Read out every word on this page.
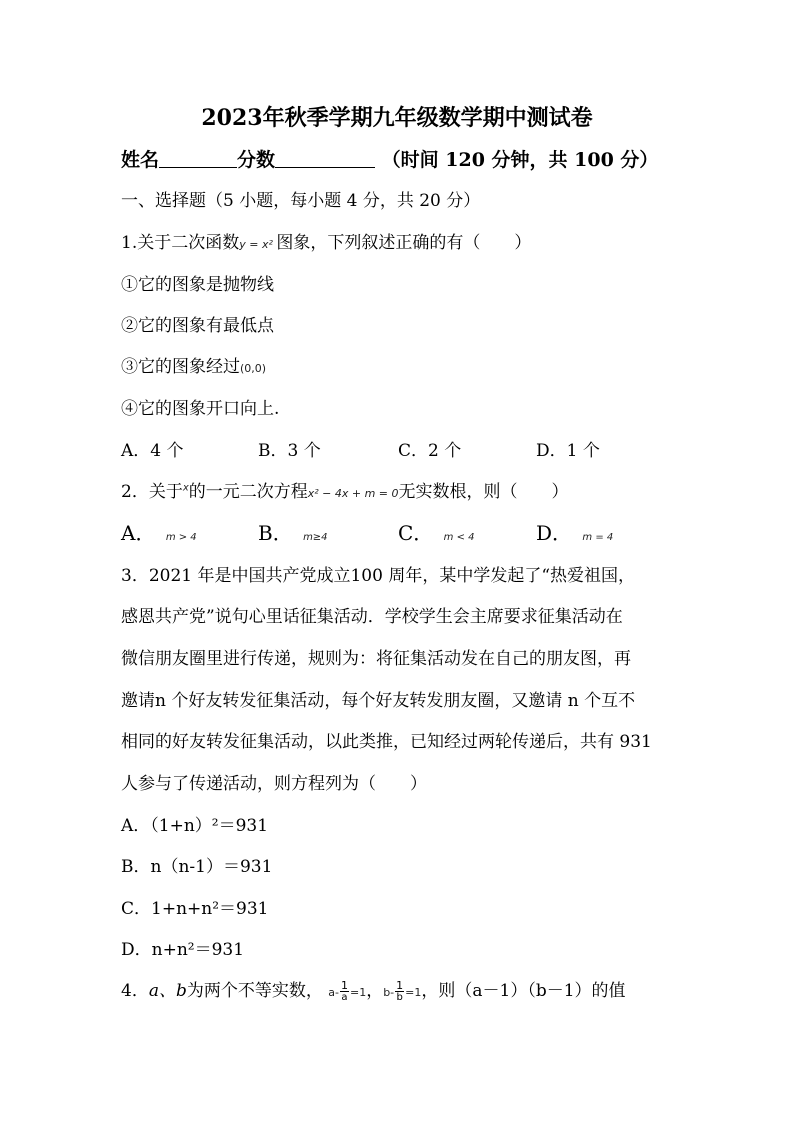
2023年秋季学期九年级数学期中测试卷
姓名	分数	（时间 120 分钟，共 100 分）
一、选择题（5 小题，每小题 4 分，共 20 分）
1.关于二次函数y = x² 图象，下列叙述正确的有（　　）
①它的图象是抛物线
②它的图象有最低点
③它的图象经过(0,0)
④它的图象开口向上.
A．4 个	B．3 个	C．2 个	D．1 个
2．关于$^x$的一元二次方程x² − 4x + m = 0无实数根，则（　　）
A． m > 4	B． m≥4	C． m < 4	D． m = 4
3．2021 年是中国共产党成立100 周年，某中学发起了“热爱祖国，
感恩共产党”说句心里话征集活动．学校学生会主席要求征集活动在
微信朋友圈里进行传递，规则为：将征集活动发在自己的朋友图，再
邀请n 个好友转发征集活动，每个好友转发朋友圈，又邀请 n 个互不
相同的好友转发征集活动，以此类推，已知经过两轮传递后，共有 931
人参与了传递活动，则方程列为（　　）
A．（1+n）²＝931
B．n（n-1）＝931
C．1+n+n²＝931
D．n+n²＝931
4．a、b为两个不等实数， $a- \frac{1}{a} =1$，$b- \frac{1}{b} =1$，则（a－1）（b－1）的值
